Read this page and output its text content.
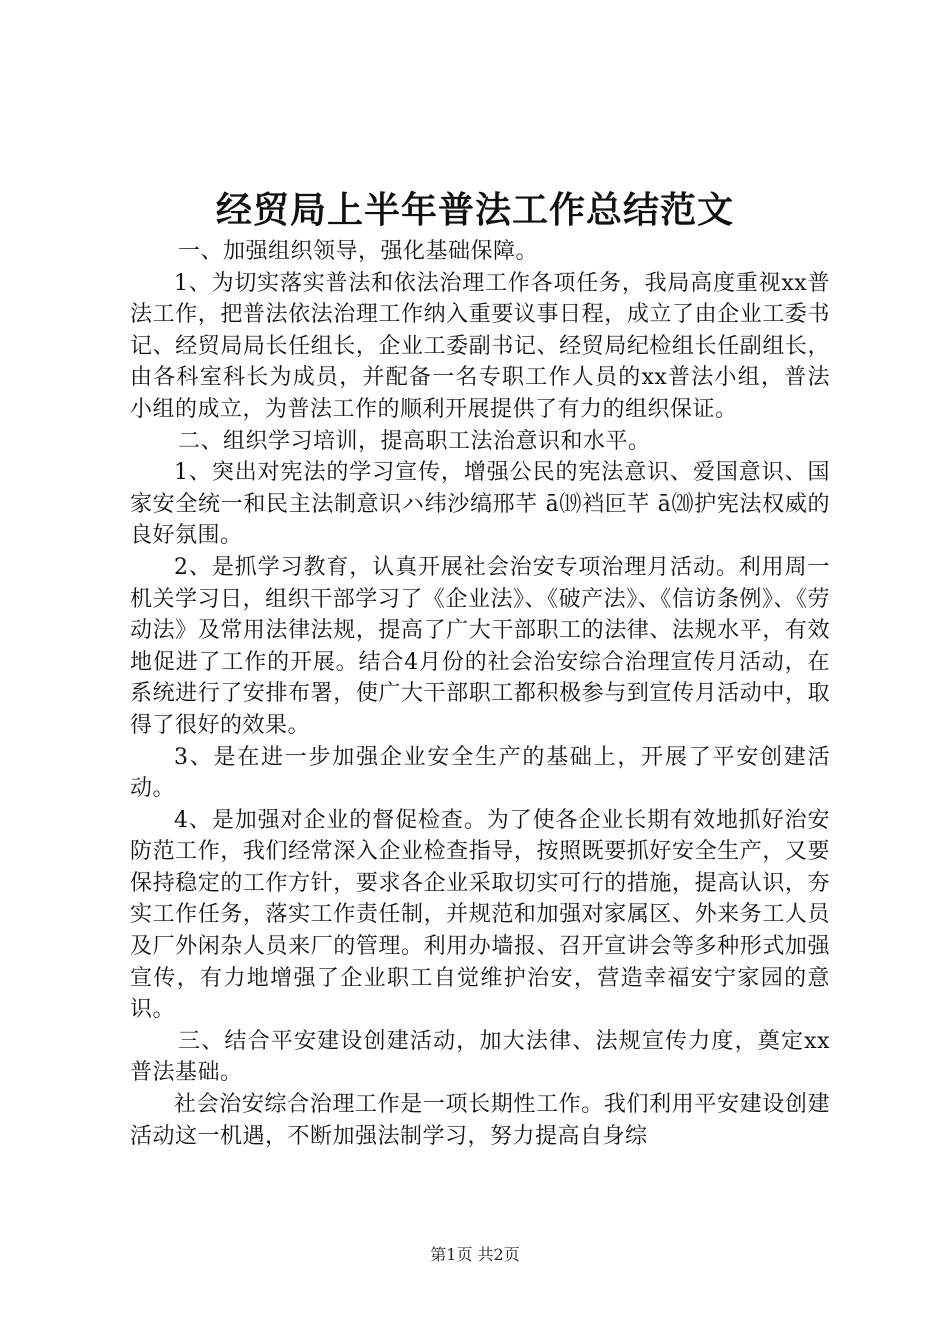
经贸局上半年普法工作总结范文

一、加强组织领导，强化基础保障。

1、为切实落实普法和依法治理工作各项任务，我局高度重视xx普法工作，把普法依法治理工作纳入重要议事日程，成立了由企业工委书记、经贸局局长任组长，企业工委副书记、经贸局纪检组长任副组长，由各科室科长为成员，并配备一名专职工作人员的xx普法小组，普法小组的成立，为普法工作的顺利开展提供了有力的组织保证。

二、组织学习培训，提高职工法治意识和水平。

1、突出对宪法的学习宣传，增强公民的宪法意识、爱国意识、国家安全统一和民主法制意识ハ纬沙缟邢芊 ā⒆裆叵芊 ā⒇护宪法权威的良好氛围。

2、是抓学习教育，认真开展社会治安专项治理月活动。利用周一机关学习日，组织干部学习了《企业法》、《破产法》、《信访条例》、《劳动法》及常用法律法规，提高了广大干部职工的法律、法规水平，有效地促进了工作的开展。结合4月份的社会治安综合治理宣传月活动，在系统进行了安排布署，使广大干部职工都积极参与到宣传月活动中，取得了很好的效果。

3、是在进一步加强企业安全生产的基础上，开展了平安创建活动。

4、是加强对企业的督促检查。为了使各企业长期有效地抓好治安防范工作，我们经常深入企业检查指导，按照既要抓好安全生产，又要保持稳定的工作方针，要求各企业采取切实可行的措施，提高认识，夯实工作任务，落实工作责任制，并规范和加强对家属区、外来务工人员及厂外闲杂人员来厂的管理。利用办墙报、召开宣讲会等多种形式加强宣传，有力地增强了企业职工自觉维护治安，营造幸福安宁家园的意识。

三、结合平安建设创建活动，加大法律、法规宣传力度，奠定xx普法基础。

社会治安综合治理工作是一项长期性工作。我们利用平安建设创建活动这一机遇，不断加强法制学习，努力提高自身综

第1页 共2页
